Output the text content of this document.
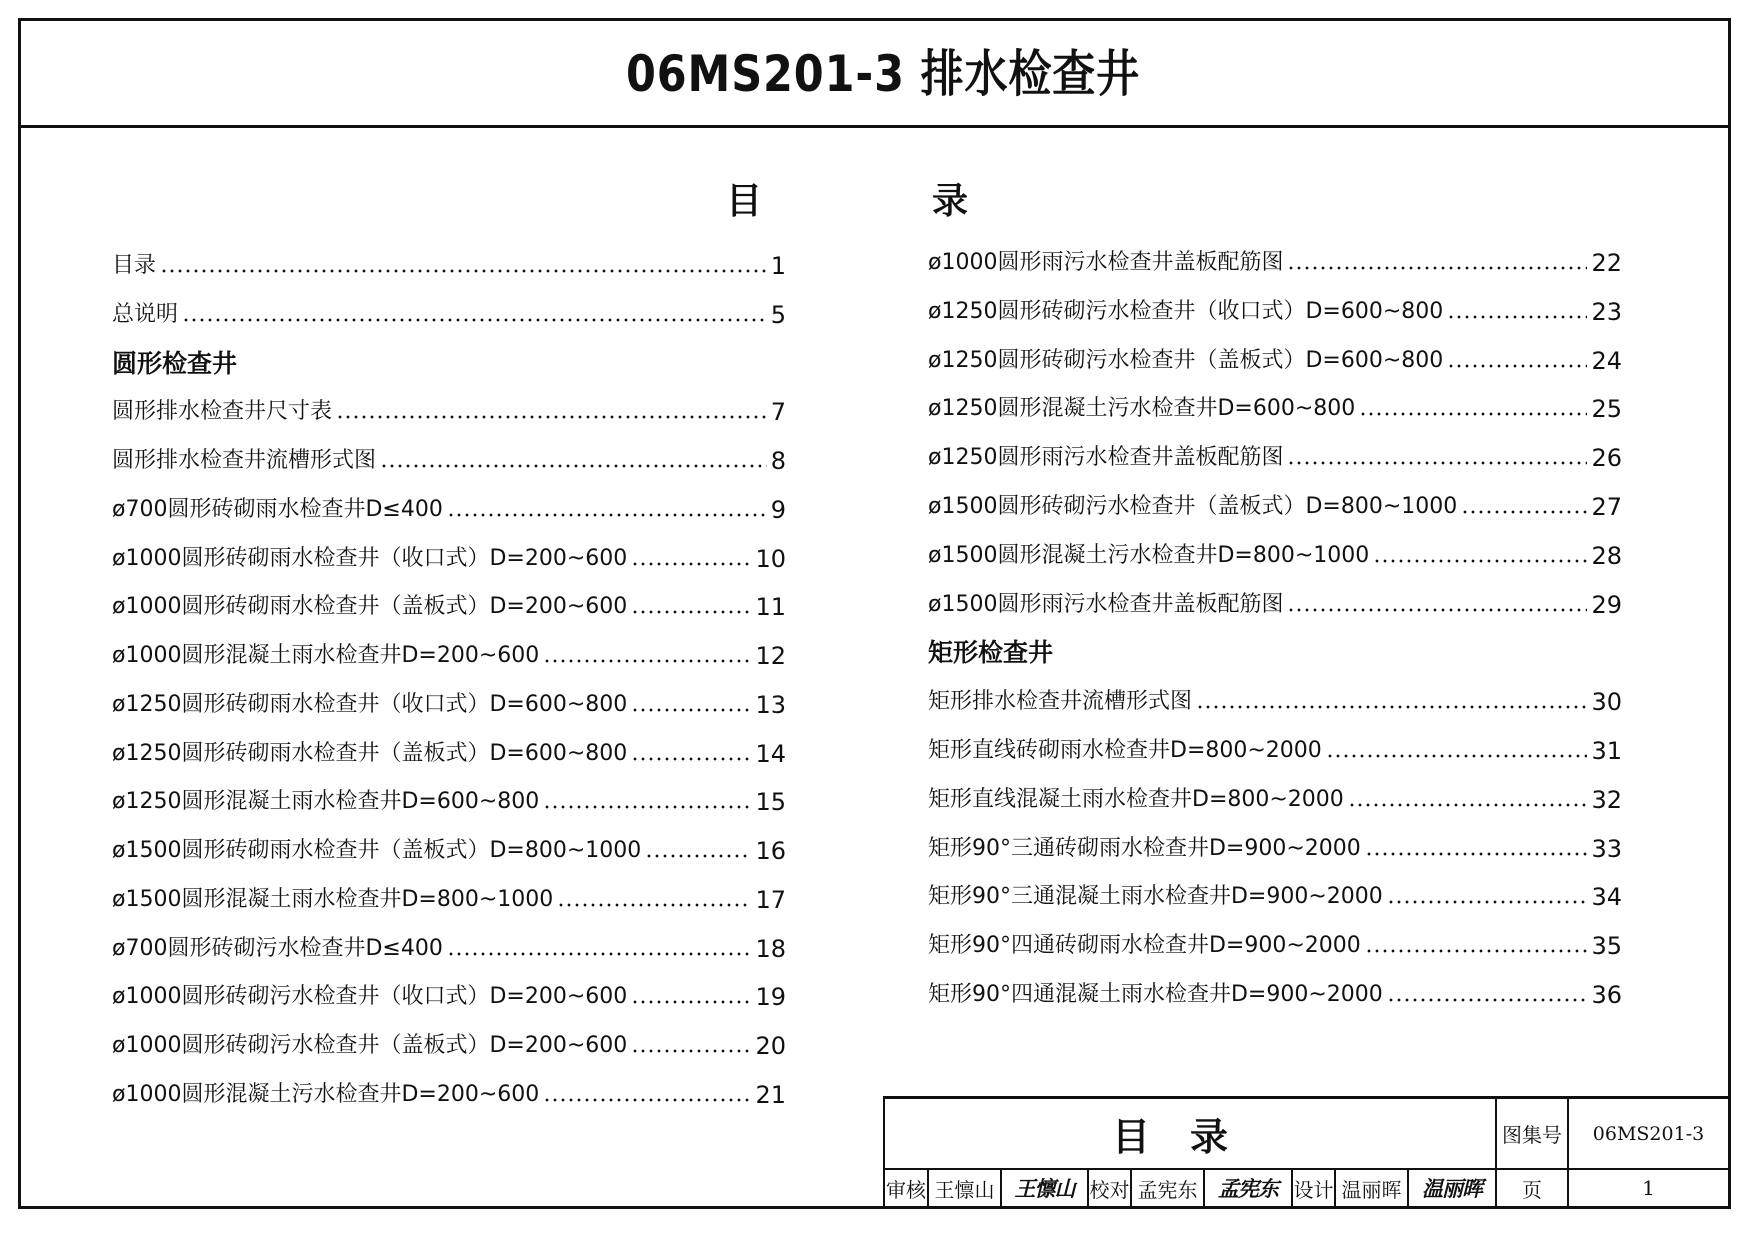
06MS201-3 排水检查井
目	录
目录	1
总说明	5
圆形检查井
圆形排水检查井尺寸表	7
圆形排水检查井流槽形式图	8
ø700圆形砖砌雨水检查井D≤400	9
ø1000圆形砖砌雨水检查井（收口式）D=200~600	10
ø1000圆形砖砌雨水检查井（盖板式）D=200~600	11
ø1000圆形混凝土雨水检查井D=200~600	12
ø1250圆形砖砌雨水检查井（收口式）D=600~800	13
ø1250圆形砖砌雨水检查井（盖板式）D=600~800	14
ø1250圆形混凝土雨水检查井D=600~800	15
ø1500圆形砖砌雨水检查井（盖板式）D=800~1000	16
ø1500圆形混凝土雨水检查井D=800~1000	17
ø700圆形砖砌污水检查井D≤400	18
ø1000圆形砖砌污水检查井（收口式）D=200~600	19
ø1000圆形砖砌污水检查井（盖板式）D=200~600	20
ø1000圆形混凝土污水检查井D=200~600	21
ø1000圆形雨污水检查井盖板配筋图	22
ø1250圆形砖砌污水检查井（收口式）D=600~800	23
ø1250圆形砖砌污水检查井（盖板式）D=600~800	24
ø1250圆形混凝土污水检查井D=600~800	25
ø1250圆形雨污水检查井盖板配筋图	26
ø1500圆形砖砌污水检查井（盖板式）D=800~1000	27
ø1500圆形混凝土污水检查井D=800~1000	28
ø1500圆形雨污水检查井盖板配筋图	29
矩形检查井
矩形排水检查井流槽形式图	30
矩形直线砖砌雨水检查井D=800~2000	31
矩形直线混凝土雨水检查井D=800~2000	32
矩形90°三通砖砌雨水检查井D=900~2000	33
矩形90°三通混凝土雨水检查井D=900~2000	34
矩形90°四通砖砌雨水检查井D=900~2000	35
矩形90°四通混凝土雨水检查井D=900~2000	36
目录	图集号	06MS201-3
审核 王懔山 王懔山 校对 孟宪东 孟宪东 设计 温丽晖 温丽晖	页	1
